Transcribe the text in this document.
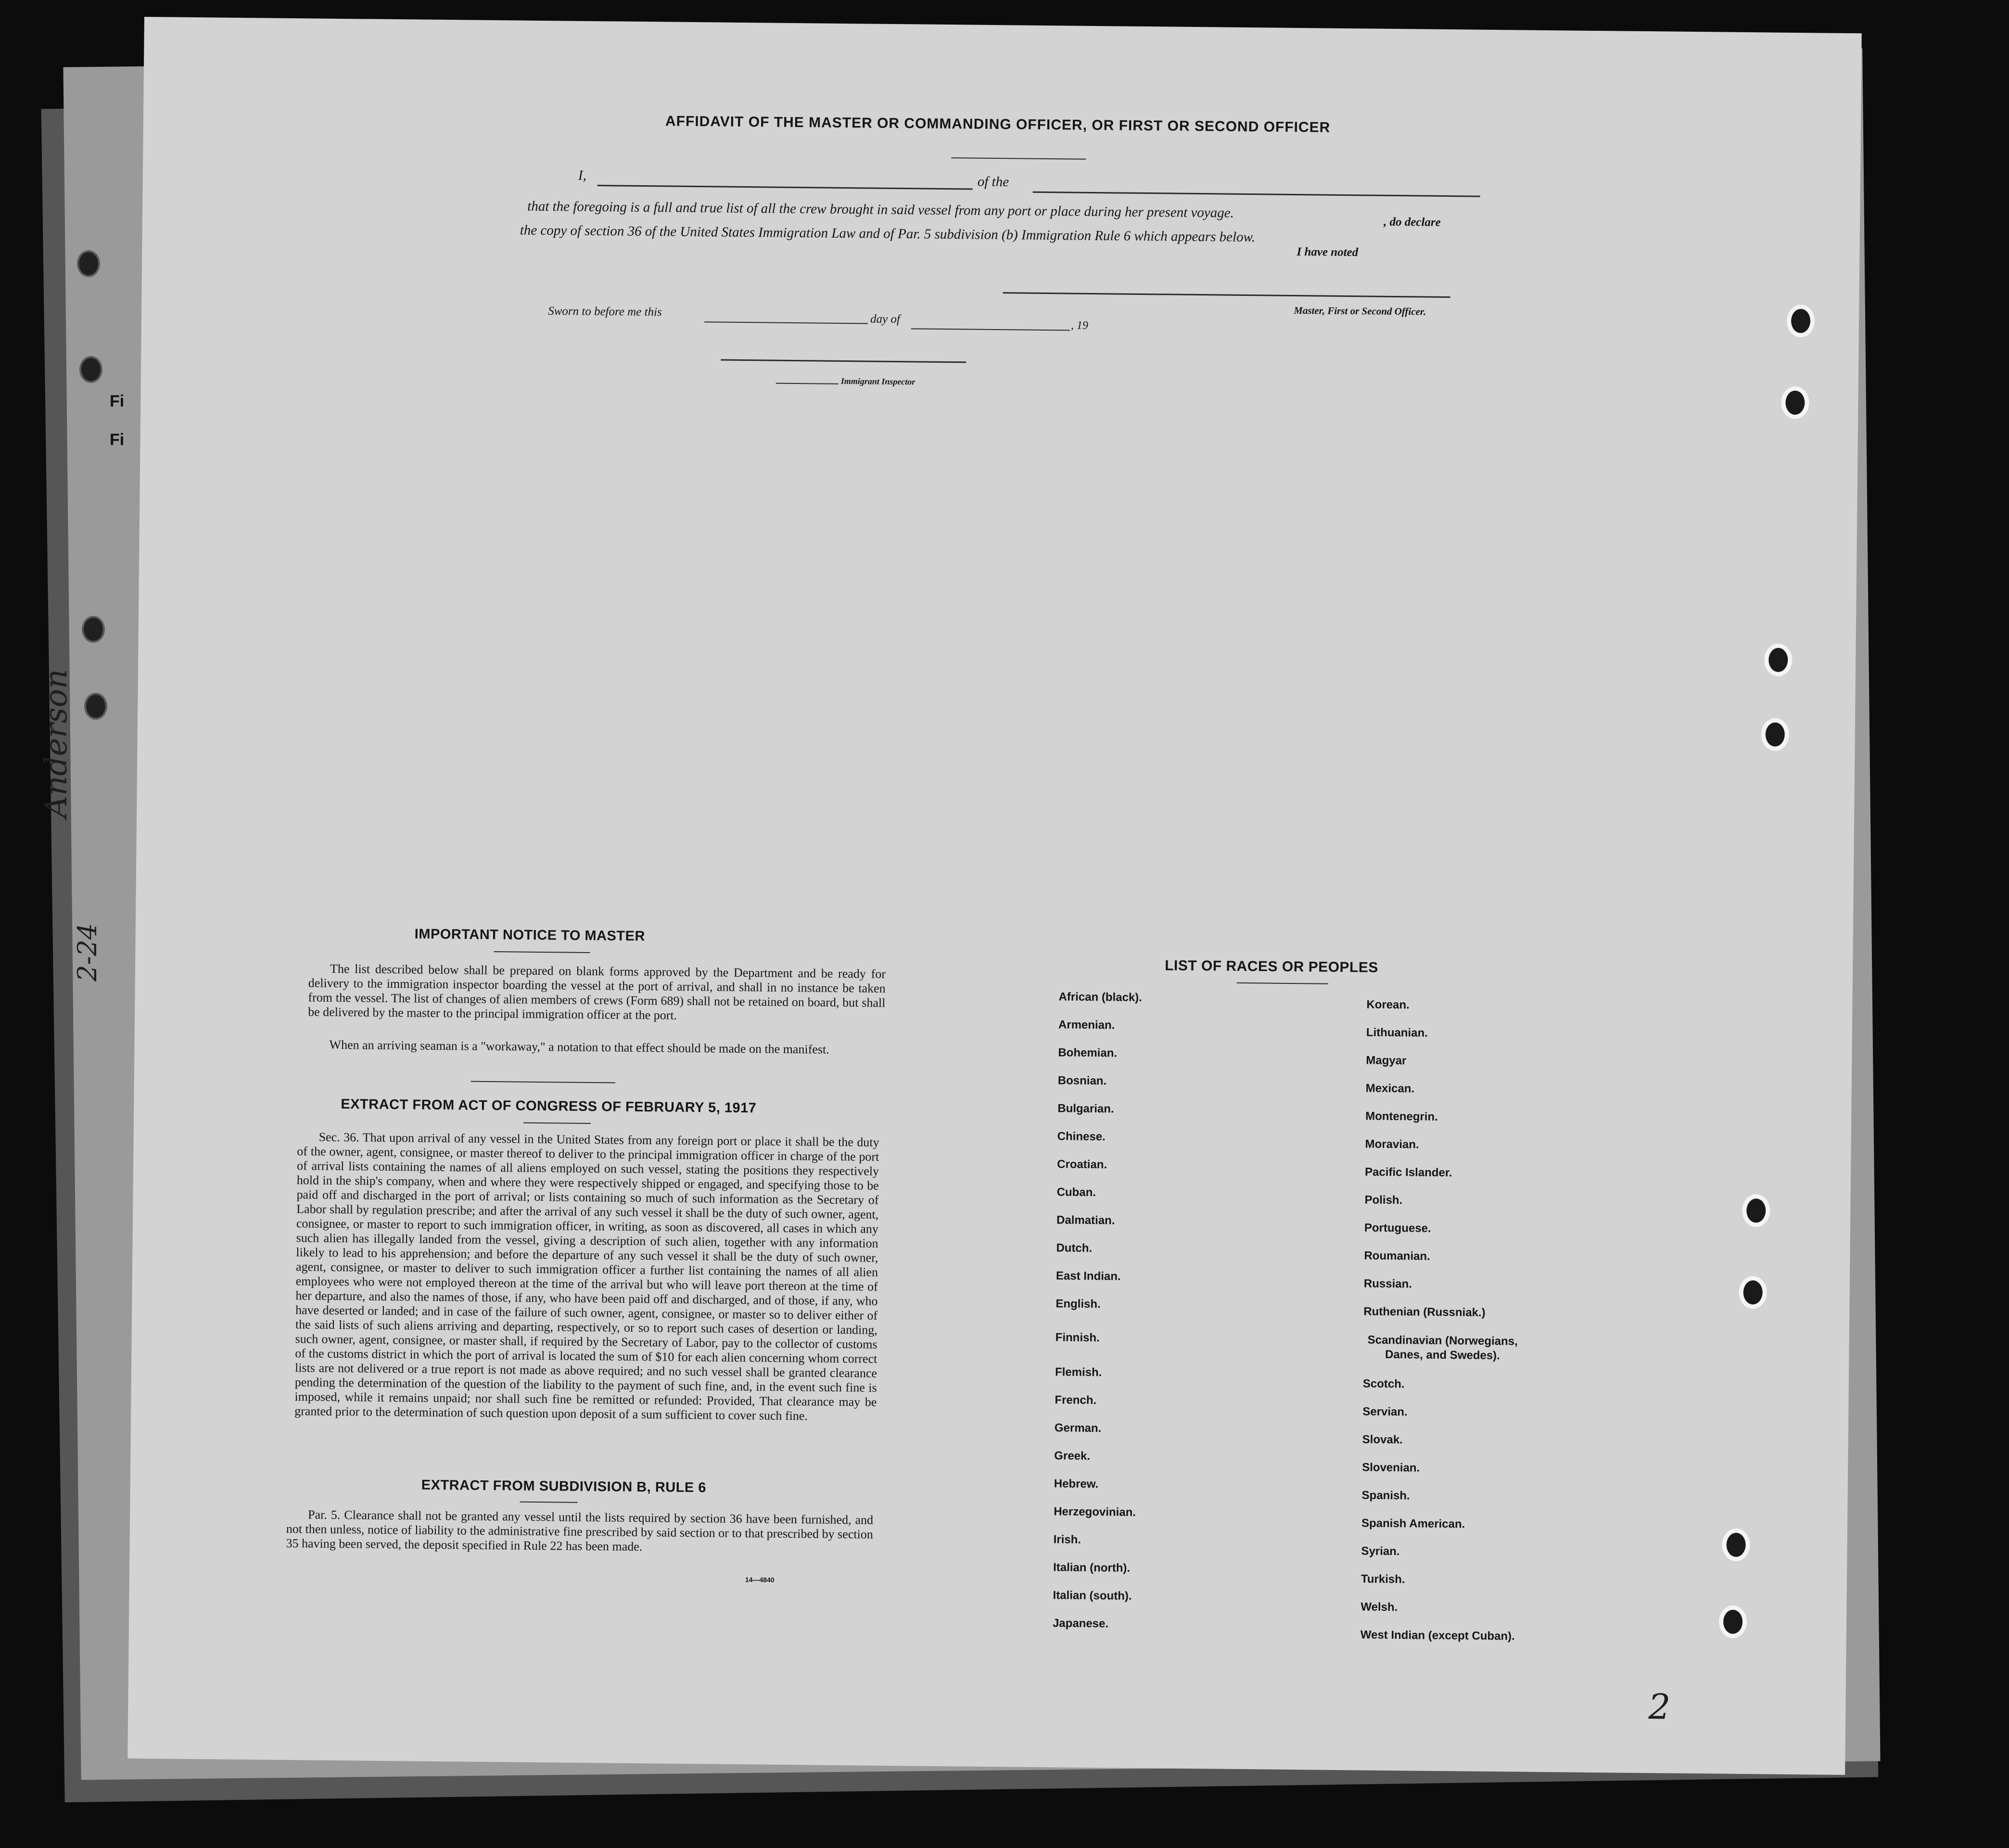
Fi
Fi
Anderson
2-24
AFFIDAVIT OF THE MASTER OR COMMANDING OFFICER, OR FIRST OR SECOND OFFICER
I,	of the
that the foregoing is a full and true list of all the crew brought in said vessel from any port or place during her present voyage.
, do declare
the copy of section 36 of the United States Immigration Law and of Par. 5 subdivision (b) Immigration Rule 6 which appears below.
I have noted
Master, First or Second Officer.
Sworn to before me this
day of	, 19
Immigrant Inspector
IMPORTANT NOTICE TO MASTER
The list described below shall be prepared on blank forms approved by the Department and be ready for delivery to the immigration inspector boarding the vessel at the port of arrival, and shall in no instance be taken from the vessel. The list of changes of alien members of crews (Form 689) shall not be retained on board, but shall be delivered by the master to the principal immigration officer at the port.
When an arriving seaman is a "workaway," a notation to that effect should be made on the manifest.
EXTRACT FROM ACT OF CONGRESS OF FEBRUARY 5, 1917
Sec. 36. That upon arrival of any vessel in the United States from any foreign port or place it shall be the duty of the owner, agent, consignee, or master thereof to deliver to the principal immigration officer in charge of the port of arrival lists containing the names of all aliens employed on such vessel, stating the positions they respectively hold in the ship's company, when and where they were respectively shipped or engaged, and specifying those to be paid off and discharged in the port of arrival; or lists containing so much of such information as the Secretary of Labor shall by regulation prescribe; and after the arrival of any such vessel it shall be the duty of such owner, agent, consignee, or master to report to such immigration officer, in writing, as soon as discovered, all cases in which any such alien has illegally landed from the vessel, giving a description of such alien, together with any information likely to lead to his apprehension; and before the departure of any such vessel it shall be the duty of such owner, agent, consignee, or master to deliver to such immigration officer a further list containing the names of all alien employees who were not employed thereon at the time of the arrival but who will leave port thereon at the time of her departure, and also the names of those, if any, who have been paid off and discharged, and of those, if any, who have deserted or landed; and in case of the failure of such owner, agent, consignee, or master so to deliver either of the said lists of such aliens arriving and departing, respectively, or so to report such cases of desertion or landing, such owner, agent, consignee, or master shall, if required by the Secretary of Labor, pay to the collector of customs of the customs district in which the port of arrival is located the sum of $10 for each alien concerning whom correct lists are not delivered or a true report is not made as above required; and no such vessel shall be granted clearance pending the determination of the question of the liability to the payment of such fine, and, in the event such fine is imposed, while it remains unpaid; nor shall such fine be remitted or refunded: Provided, That clearance may be granted prior to the determination of such question upon deposit of a sum sufficient to cover such fine.
EXTRACT FROM SUBDIVISION B, RULE 6
Par. 5. Clearance shall not be granted any vessel until the lists required by section 36 have been furnished, and not then unless, notice of liability to the administrative fine prescribed by said section or to that prescribed by section 35 having been served, the deposit specified in Rule 22 has been made.
14—4840
LIST OF RACES OR PEOPLES
African (black).
Armenian.
Bohemian.
Bosnian.
Bulgarian.
Chinese.
Croatian.
Cuban.
Dalmatian.
Dutch.
East Indian.
English.
Finnish.
Flemish.
French.
German.
Greek.
Hebrew.
Herzegovinian.
Irish.
Italian (north).
Italian (south).
Japanese.
Korean.
Lithuanian.
Magyar
Mexican.
Montenegrin.
Moravian.
Pacific Islander.
Polish.
Portuguese.
Roumanian.
Russian.
Ruthenian (Russniak.)
Scandinavian (Norwegians, Danes, and Swedes).
Scotch.
Servian.
Slovak.
Slovenian.
Spanish.
Spanish American.
Syrian.
Turkish.
Welsh.
West Indian (except Cuban).
2
